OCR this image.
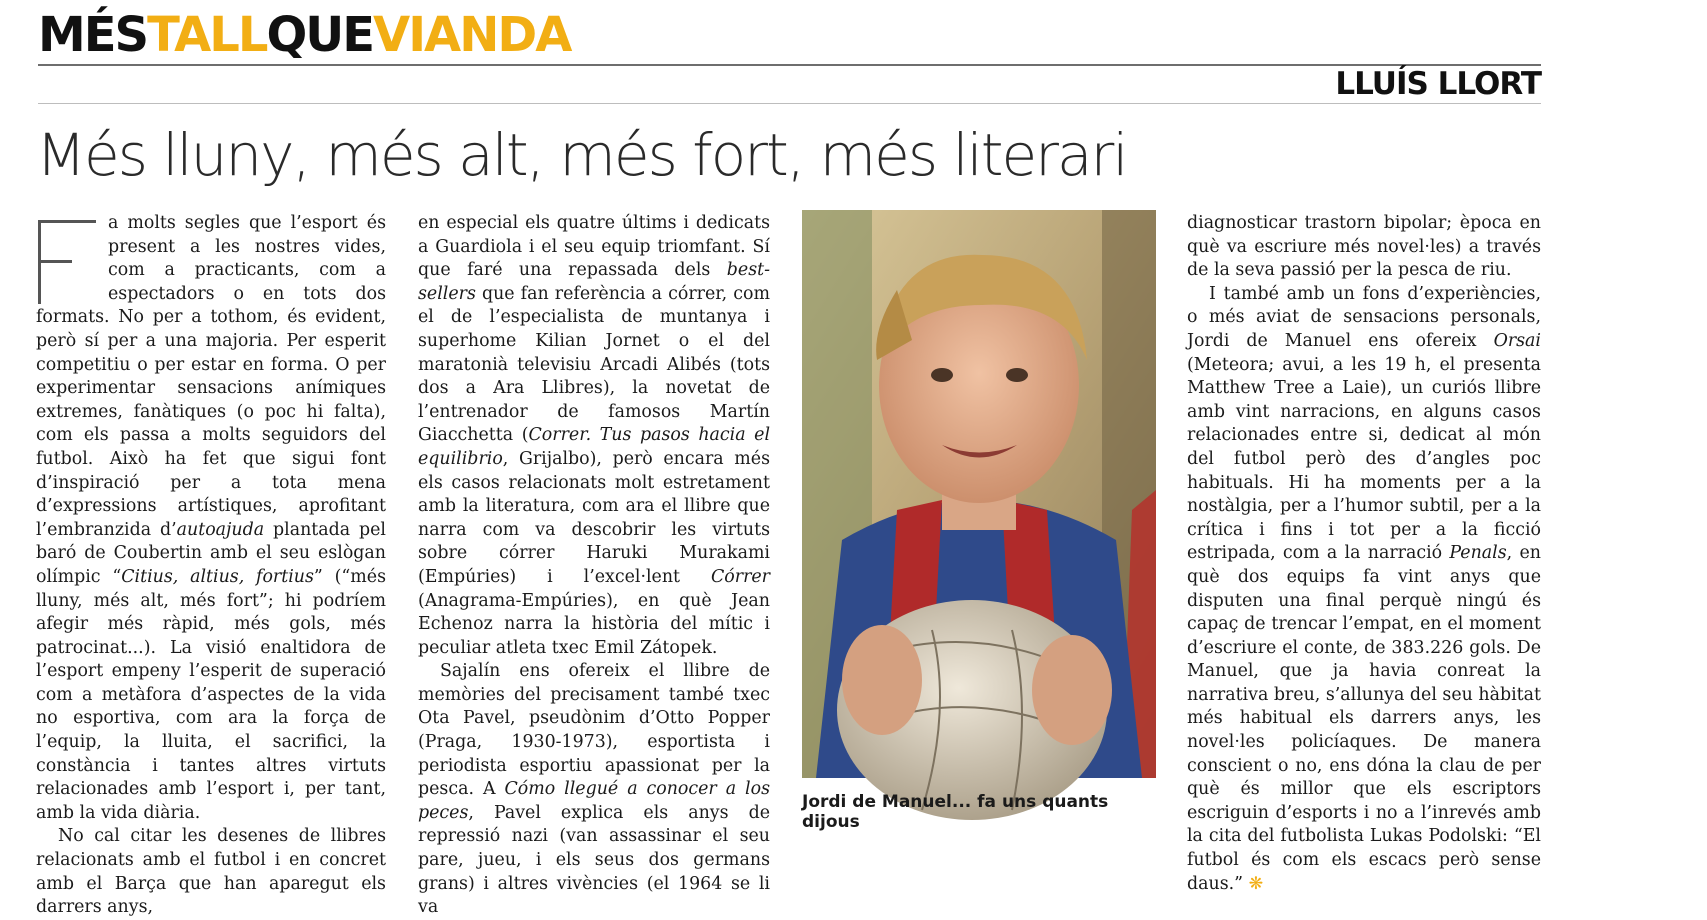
MÉSTALLQUEVIANDA
LLUÍS LLORT
Més lluny, més alt, més fort, més literari

a molts segles que l’esport és present a les nostres vides, com a practicants, com a espectadors o en tots dos formats. No per a tothom, és evident, però sí per a una majoria. Per esperit competitiu o per estar en forma. O per experimentar sensacions anímiques extremes, fanàtiques (o poc hi falta), com els passa a molts seguidors del futbol. Això ha fet que sigui font d’inspiració per a tota mena d’expressions artístiques, aprofitant l’embranzida d’autoajuda plantada pel baró de Coubertin amb el seu eslògan olímpic “Citius, altius, fortius” (“més lluny, més alt, més fort”; hi podríem afegir més ràpid, més gols, més patrocinat...). La visió enaltidora de l’esport empeny l’esperit de superació com a metàfora d’aspectes de la vida no esportiva, com ara la força de l’equip, la lluita, el sacrifici, la constància i tantes altres virtuts relacionades amb l’esport i, per tant, amb la vida diària.

No cal citar les desenes de llibres relacionats amb el futbol i en concret amb el Barça que han aparegut els darrers anys,

en especial els quatre últims i dedicats a Guardiola i el seu equip triomfant. Sí que faré una repassada dels best-sellers que fan referència a córrer, com el de l’especialista de muntanya i superhome Kilian Jornet o el del maratonià televisiu Arcadi Alibés (tots dos a Ara Llibres), la novetat de l’entrenador de famosos Martín Giacchetta (Correr. Tus pasos hacia el equilibrio, Grijalbo), però encara més els casos relacionats molt estretament amb la literatura, com ara el llibre que narra com va descobrir les virtuts sobre córrer Haruki Murakami (Empúries) i l’excel·lent Córrer (Anagrama-Empúries), en què Jean Echenoz narra la història del mític i peculiar atleta txec Emil Zátopek.

Sajalín ens ofereix el llibre de memòries del precisament també txec Ota Pavel, pseudònim d’Otto Popper (Praga, 1930-1973), esportista i periodista esportiu apassionat per la pesca. A Cómo llegué a conocer a los peces, Pavel explica els anys de repressió nazi (van assassinar el seu pare, jueu, i els seus dos germans grans) i altres vivències (el 1964 se li va

Jordi de Manuel... fa uns quants dijous

diagnosticar trastorn bipolar; època en què va escriure més novel·les) a través de la seva passió per la pesca de riu.

I també amb un fons d’experiències, o més aviat de sensacions personals, Jordi de Manuel ens ofereix Orsai (Meteora; avui, a les 19 h, el presenta Matthew Tree a Laie), un curiós llibre amb vint narracions, en alguns casos relacionades entre si, dedicat al món del futbol però des d’angles poc habituals. Hi ha moments per a la nostàlgia, per a l’humor subtil, per a la crítica i fins i tot per a la ficció estripada, com a la narració Penals, en què dos equips fa vint anys que disputen una final perquè ningú és capaç de trencar l’empat, en el moment d’escriure el conte, de 383.226 gols. De Manuel, que ja havia conreat la narrativa breu, s’allunya del seu hàbitat més habitual els darrers anys, les novel·les policíaques. De manera conscient o no, ens dóna la clau de per què és millor que els escriptors escriguin d’esports i no a l’inrevés amb la cita del futbolista Lukas Podolski: “El futbol és com els escacs però sense daus.” ❋
